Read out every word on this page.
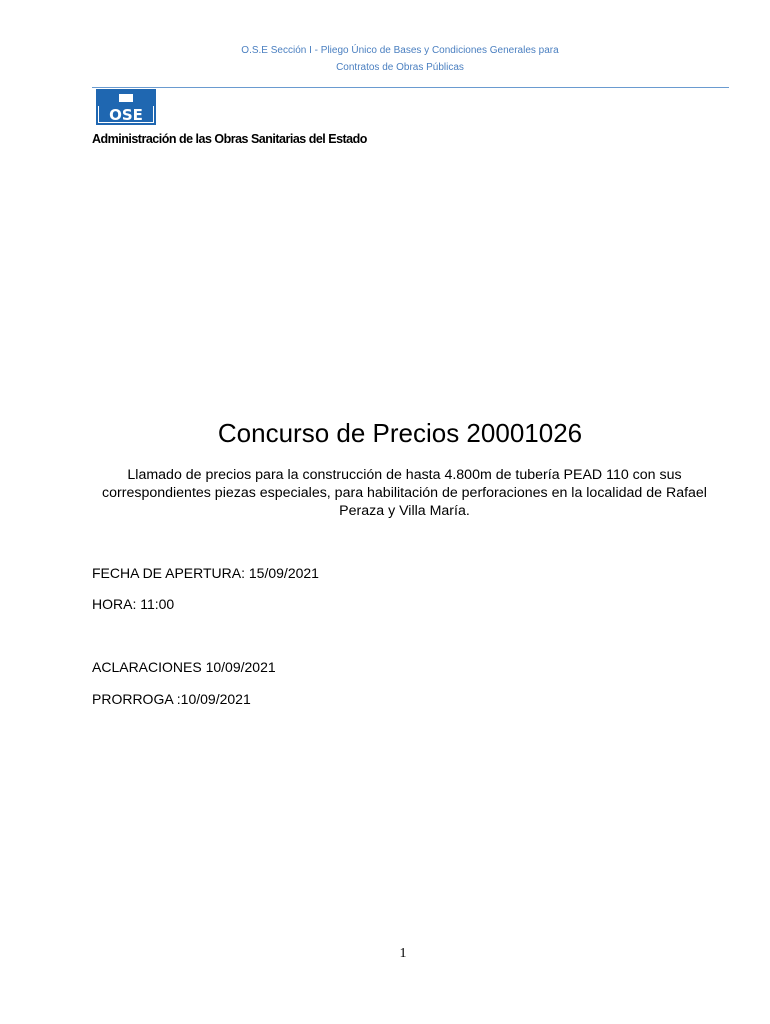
O.S.E Sección I - Pliego Único de Bases y Condiciones Generales para
Contratos de Obras Públicas
OSE
Administración de las Obras Sanitarias del Estado
Concurso de Precios 20001026
Llamado de precios para la construcción de hasta 4.800m de tubería PEAD 110 con sus correspondientes piezas especiales, para habilitación de perforaciones en la localidad de Rafael Peraza y Villa María.
FECHA DE APERTURA: 15/09/2021
HORA: 11:00
ACLARACIONES 10/09/2021
PRORROGA :10/09/2021
1
